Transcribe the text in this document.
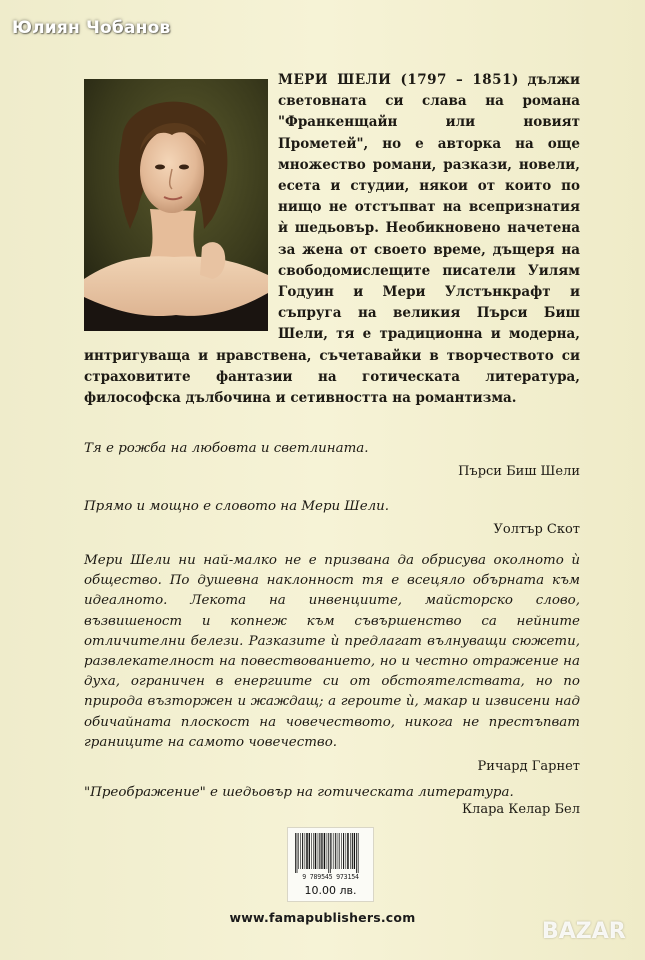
Юлиян Чобанов
МЕРИ ШЕЛИ (1797 – 1851) дължи световната си слава на романа "Франкенщайн или новият Прометей", но е авторка на още множество романи, разкази, новели, есета и студии, някои от които по нищо не отстъпват на всепризнатия ѝ шедьовър. Необикновено начетена за жена от своето време, дъщеря на свободомислещите писатели Уилям Годуин и Мери Улстънкрафт и съпруга на великия Пърси Биш Шели, тя е традиционна и модерна, интригуваща и нравствена, съчетавайки в творчеството си страховитите фантазии на готическата литература, философска дълбочина и сетивността на романтизма.
Тя е рожба на любовта и светлината.
Пърси Биш Шели
Прямо и мощно е словото на Мери Шели.
Уолтър Скот
Мери Шели ни най-малко не е призвана да обрисува околното ѝ общество. По душевна наклонност тя е всецяло обърната към идеалното. Лекота на инвенциите, майсторско слово, възвишеност и копнеж към съвършенство са нейните отличителни белези. Разказите ѝ предлагат вълнуващи сюжети, развлекателност на повествованието, но и честно отражение на духа, ограничен в енергиите си от обстоятелствата, но по природа възторжен и жаждащ; а героите ѝ, макар и извисени над обичайната плоскост на човечеството, никога не престъпват границите на самото човечество.
Ричард Гарнет
"Преображение" е шедьовър на готическата литература.
Клара Келар Бел
9 789545 973154
10.00 лв.
www.famapublishers.com
BAZAR
